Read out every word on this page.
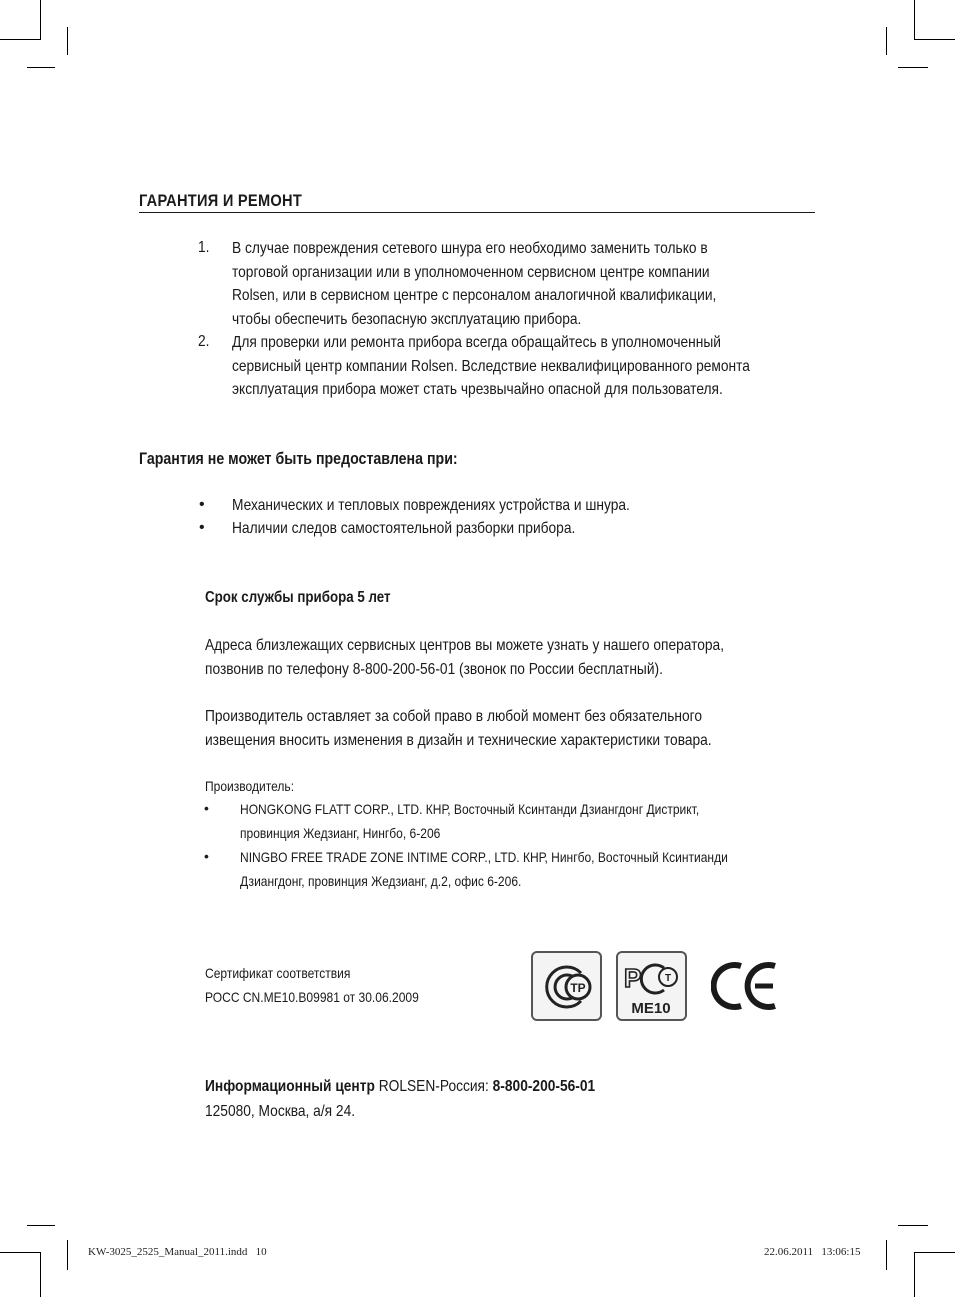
ГАРАНТИЯ И РЕМОНТ
1. В случае повреждения сетевого шнура его необходимо заменить только в
торговой организации или в уполномоченном сервисном центре компании
Rolsen, или в сервисном центре с персоналом аналогичной квалификации,
чтобы обеспечить безопасную эксплуатацию прибора.
2. Для проверки или ремонта прибора всегда обращайтесь в уполномоченный
сервисный центр компании Rolsen. Вследствие неквалифицированного ремонта
эксплуатация прибора может стать чрезвычайно опасной для пользователя.
Гарантия не может быть предоставлена при:
• Механических и тепловых повреждениях устройства и шнура.
• Наличии следов самостоятельной разборки прибора.
Срок службы прибора 5 лет
Адреса близлежащих сервисных центров вы можете узнать у нашего оператора,
позвонив по телефону 8-800-200-56-01 (звонок по России бесплатный).
Производитель оставляет за собой право в любой момент без обязательного
извещения вносить изменения в дизайн и технические характеристики товара.
Производитель:
• HONGKONG FLATT CORP., LTD. КНР, Восточный Ксинтанди Дзиангдонг Дистрикт,
провинция Жедзианг, Нингбо, 6-206
• NINGBO FREE TRADE ZONE INTIME CORP., LTD. КНР, Нингбо, Восточный Ксинтианди
Дзиангдонг, провинция Жедзианг, д.2, офис 6-206.
Сертификат соответствия
РОСС CN.ME10.B09981 от 30.06.2009
ТР Р Т
ME10
Информационный центр ROLSEN-Россия: 8-800-200-56-01
125080, Москва, а/я 24.
KW-3025_2525_Manual_2011.indd   10	22.06.2011   13:06:15
